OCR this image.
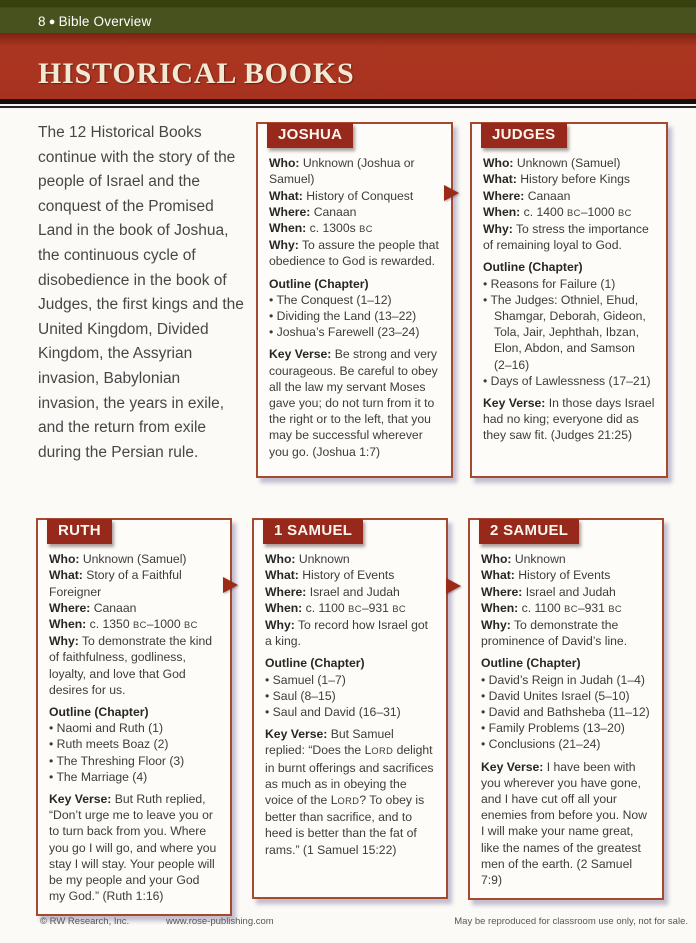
8 ● Bible Overview
HISTORICAL BOOKS

The 12 Historical Books continue with the story of the people of Israel and the conquest of the Promised Land in the book of Joshua, the continuous cycle of disobedience in the book of Judges, the first kings and the United Kingdom, Divided Kingdom, the Assyrian invasion, Babylonian invasion, the years in exile, and the return from exile during the Persian rule.

JOSHUA

Who: Unknown (Joshua or Samuel)

What: History of Conquest

Where: Canaan

When: c. 1300s BC

Why: To assure the people that obedience to God is rewarded.

Outline (Chapter)

• The Conquest (1–12)
• Dividing the Land (13–22)
• Joshua’s Farewell (23–24)

Key Verse: Be strong and very courageous. Be careful to obey all the law my servant Moses gave you; do not turn from it to the right or to the left, that you may be successful wherever you go. (Joshua 1:7)

JUDGES

Who: Unknown (Samuel)

What: History before Kings

Where: Canaan

When: c. 1400 BC–1000 BC

Why: To stress the importance of remaining loyal to God.

Outline (Chapter)

• Reasons for Failure (1)
• The Judges: Othniel, Ehud, Shamgar, Deborah, Gideon, Tola, Jair, Jephthah, Ibzan, Elon, Abdon, and Samson (2–16)
• Days of Lawlessness (17–21)

Key Verse: In those days Israel had no king; everyone did as they saw fit. (Judges 21:25)

RUTH

Who: Unknown (Samuel)

What: Story of a Faithful Foreigner

Where: Canaan

When: c. 1350 BC–1000 BC

Why: To demonstrate the kind of faithfulness, godliness, loyalty, and love that God desires for us.

Outline (Chapter)

• Naomi and Ruth (1)
• Ruth meets Boaz (2)
• The Threshing Floor (3)
• The Marriage (4)

Key Verse: But Ruth replied, “Don’t urge me to leave you or to turn back from you. Where you go I will go, and where you stay I will stay. Your people will be my people and your God my God.” (Ruth 1:16)

1 SAMUEL

Who: Unknown

What: History of Events

Where: Israel and Judah

When: c. 1100 BC–931 BC

Why: To record how Israel got a king.

Outline (Chapter)

• Samuel (1–7)
• Saul (8–15)
• Saul and David (16–31)

Key Verse: But Samuel replied: “Does the LORD delight in burnt offerings and sacrifices as much as in obeying the voice of the LORD? To obey is better than sacrifice, and to heed is better than the fat of rams.” (1 Samuel 15:22)

2 SAMUEL

Who: Unknown

What: History of Events

Where: Israel and Judah

When: c. 1100 BC–931 BC

Why: To demonstrate the prominence of David’s line.

Outline (Chapter)

• David’s Reign in Judah (1–4)
• David Unites Israel (5–10)
• David and Bathsheba (11–12)
• Family Problems (13–20)
• Conclusions (21–24)

Key Verse: I have been with you wherever you have gone, and I have cut off all your enemies from before you. Now I will make your name great, like the names of the greatest men of the earth. (2 Samuel 7:9)

© RW Research, Inc.	www.rose-publishing.com	May be reproduced for classroom use only, not for sale.
